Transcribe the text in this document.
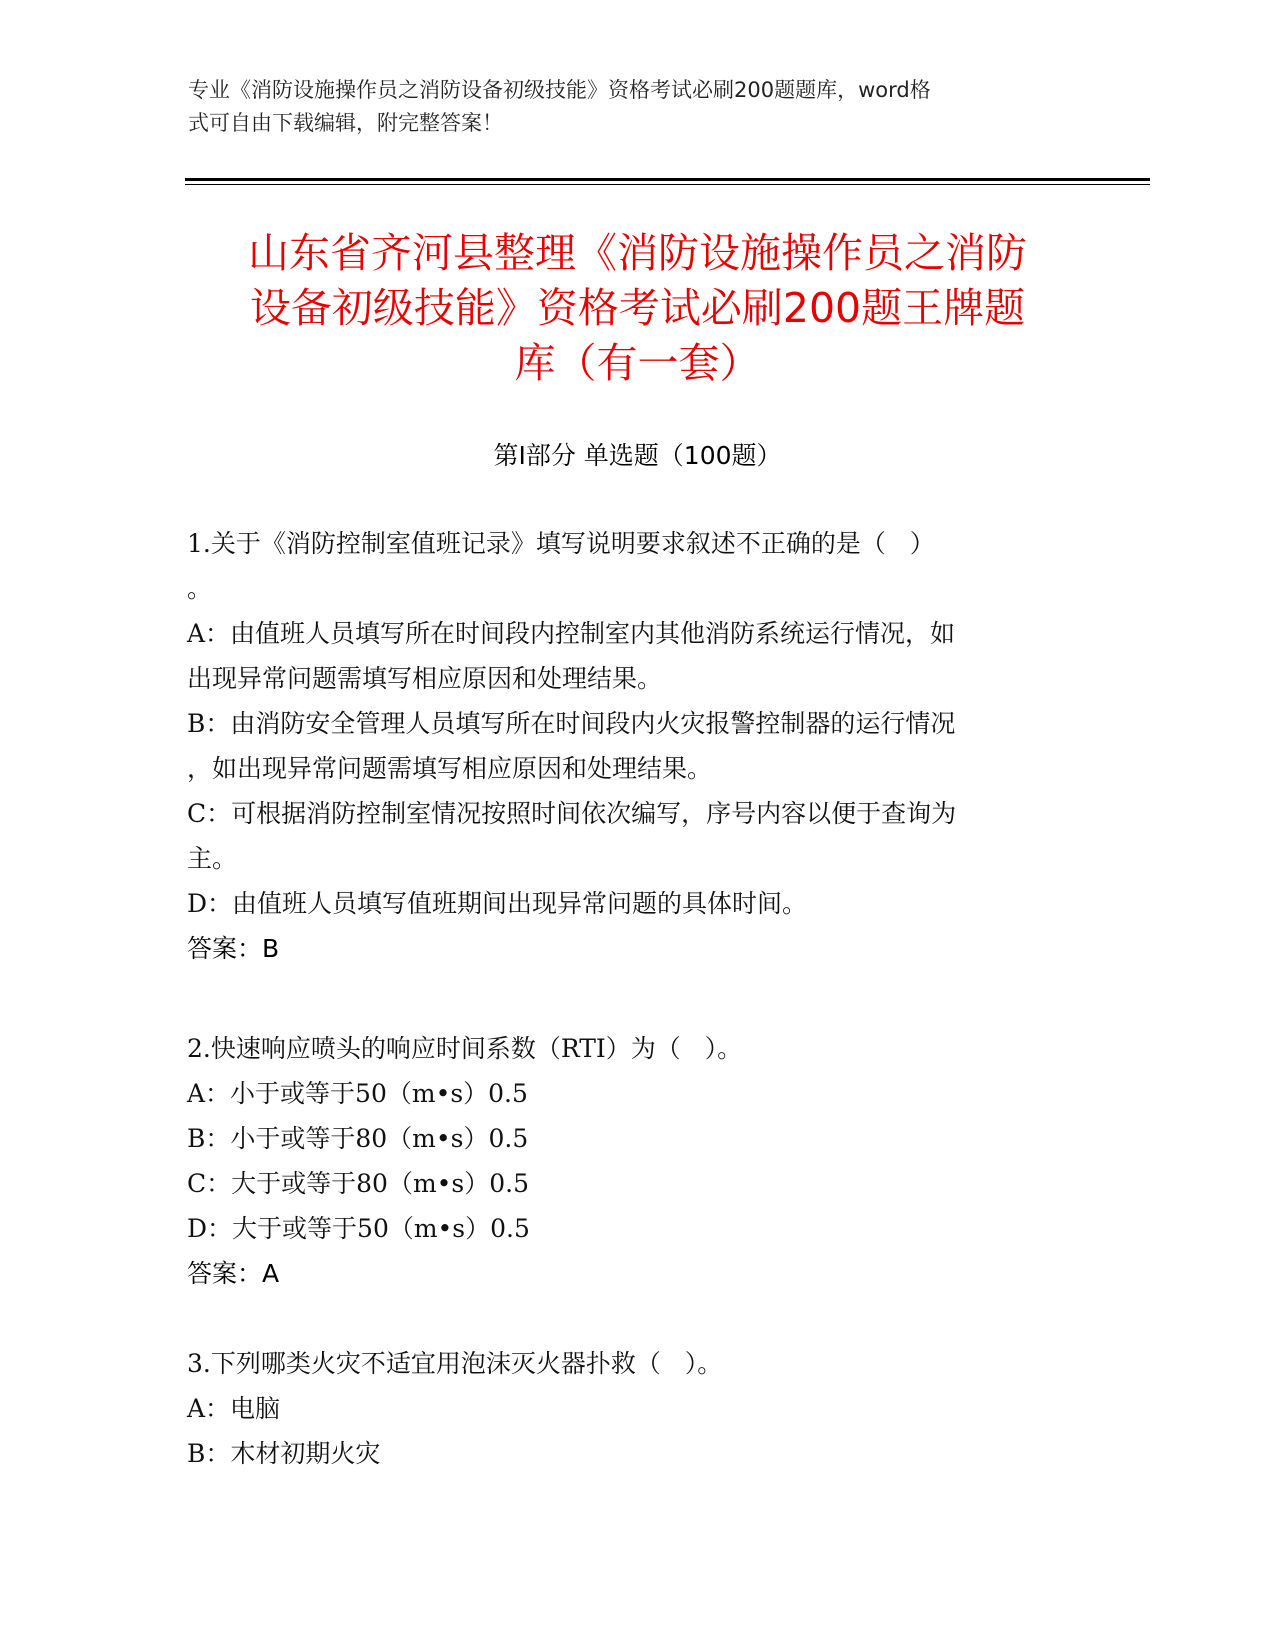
专业《消防设施操作员之消防设备初级技能》资格考试必刷200题题库，word格
式可自由下载编辑，附完整答案！
山东省齐河县整理《消防设施操作员之消防
设备初级技能》资格考试必刷200题王牌题
库（有一套）
第Ⅰ部分 单选题（100题）
1.关于《消防控制室值班记录》填写说明要求叙述不正确的是（   ）
。
A：由值班人员填写所在时间段内控制室内其他消防系统运行情况，如
出现异常问题需填写相应原因和处理结果。
B：由消防安全管理人员填写所在时间段内火灾报警控制器的运行情况
，如出现异常问题需填写相应原因和处理结果。
C：可根据消防控制室情况按照时间依次编写，序号内容以便于查询为
主。
D：由值班人员填写值班期间出现异常问题的具体时间。
答案：B
2.快速响应喷头的响应时间系数（RTI）为（   ）。
A：小于或等于50（m•s）0.5
B：小于或等于80（m•s）0.5
C：大于或等于80（m•s）0.5
D：大于或等于50（m•s）0.5
答案：A
3.下列哪类火灾不适宜用泡沫灭火器扑救（   ）。
A：电脑
B：木材初期火灾
